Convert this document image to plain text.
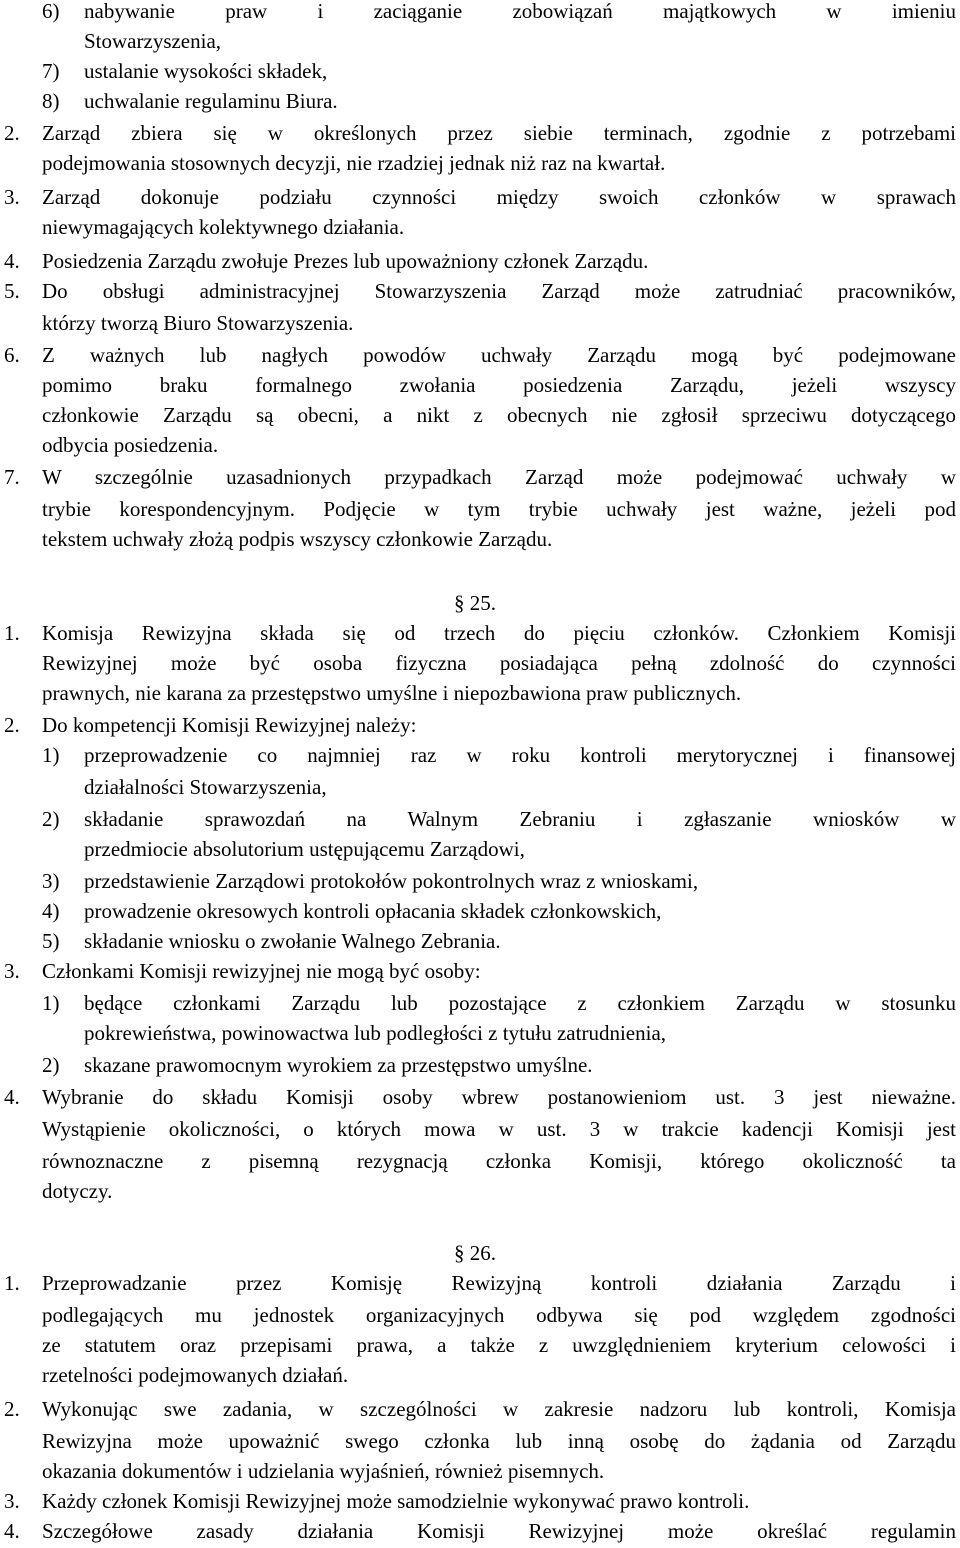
6) nabywanie praw i zaciąganie zobowiązań majątkowych w imieniu
Stowarzyszenia,
7) ustalanie wysokości składek,
8) uchwalanie regulaminu Biura.
2. Zarząd zbiera się w określonych przez siebie terminach, zgodnie z potrzebami
podejmowania stosownych decyzji, nie rzadziej jednak niż raz na kwartał.
3. Zarząd dokonuje podziału czynności między swoich członków w sprawach
niewymagających kolektywnego działania.
4. Posiedzenia Zarządu zwołuje Prezes lub upoważniony członek Zarządu.
5. Do obsługi administracyjnej Stowarzyszenia Zarząd może zatrudniać pracowników,
którzy tworzą Biuro Stowarzyszenia.
6. Z ważnych lub nagłych powodów uchwały Zarządu mogą być podejmowane
pomimo braku formalnego zwołania posiedzenia Zarządu, jeżeli wszyscy
członkowie Zarządu są obecni, a nikt z obecnych nie zgłosił sprzeciwu dotyczącego
odbycia posiedzenia.
7. W szczególnie uzasadnionych przypadkach Zarząd może podejmować uchwały w
trybie korespondencyjnym. Podjęcie w tym trybie uchwały jest ważne, jeżeli pod
tekstem uchwały złożą podpis wszyscy członkowie Zarządu.
§ 25.
1. Komisja Rewizyjna składa się od trzech do pięciu członków. Członkiem Komisji
Rewizyjnej może być osoba fizyczna posiadająca pełną zdolność do czynności
prawnych, nie karana za przestępstwo umyślne i niepozbawiona praw publicznych.
2. Do kompetencji Komisji Rewizyjnej należy:
1) przeprowadzenie co najmniej raz w roku kontroli merytorycznej i finansowej
działalności Stowarzyszenia,
2) składanie sprawozdań na Walnym Zebraniu i zgłaszanie wniosków w
przedmiocie absolutorium ustępującemu Zarządowi,
3) przedstawienie Zarządowi protokołów pokontrolnych wraz z wnioskami,
4) prowadzenie okresowych kontroli opłacania składek członkowskich,
5) składanie wniosku o zwołanie Walnego Zebrania.
3. Członkami Komisji rewizyjnej nie mogą być osoby:
1) będące członkami Zarządu lub pozostające z członkiem Zarządu w stosunku
pokrewieństwa, powinowactwa lub podległości z tytułu zatrudnienia,
2) skazane prawomocnym wyrokiem za przestępstwo umyślne.
4. Wybranie do składu Komisji osoby wbrew postanowieniom ust. 3 jest nieważne.
Wystąpienie okoliczności, o których mowa w ust. 3 w trakcie kadencji Komisji jest
równoznaczne z pisemną rezygnacją członka Komisji, którego okoliczność ta
dotyczy.
§ 26.
1. Przeprowadzanie przez Komisję Rewizyjną kontroli działania Zarządu i
podlegających mu jednostek organizacyjnych odbywa się pod względem zgodności
ze statutem oraz przepisami prawa, a także z uwzględnieniem kryterium celowości i
rzetelności podejmowanych działań.
2. Wykonując swe zadania, w szczególności w zakresie nadzoru lub kontroli, Komisja
Rewizyjna może upoważnić swego członka lub inną osobę do żądania od Zarządu
okazania dokumentów i udzielania wyjaśnień, również pisemnych.
3. Każdy członek Komisji Rewizyjnej może samodzielnie wykonywać prawo kontroli.
4. Szczegółowe zasady działania Komisji Rewizyjnej może określać regulamin
